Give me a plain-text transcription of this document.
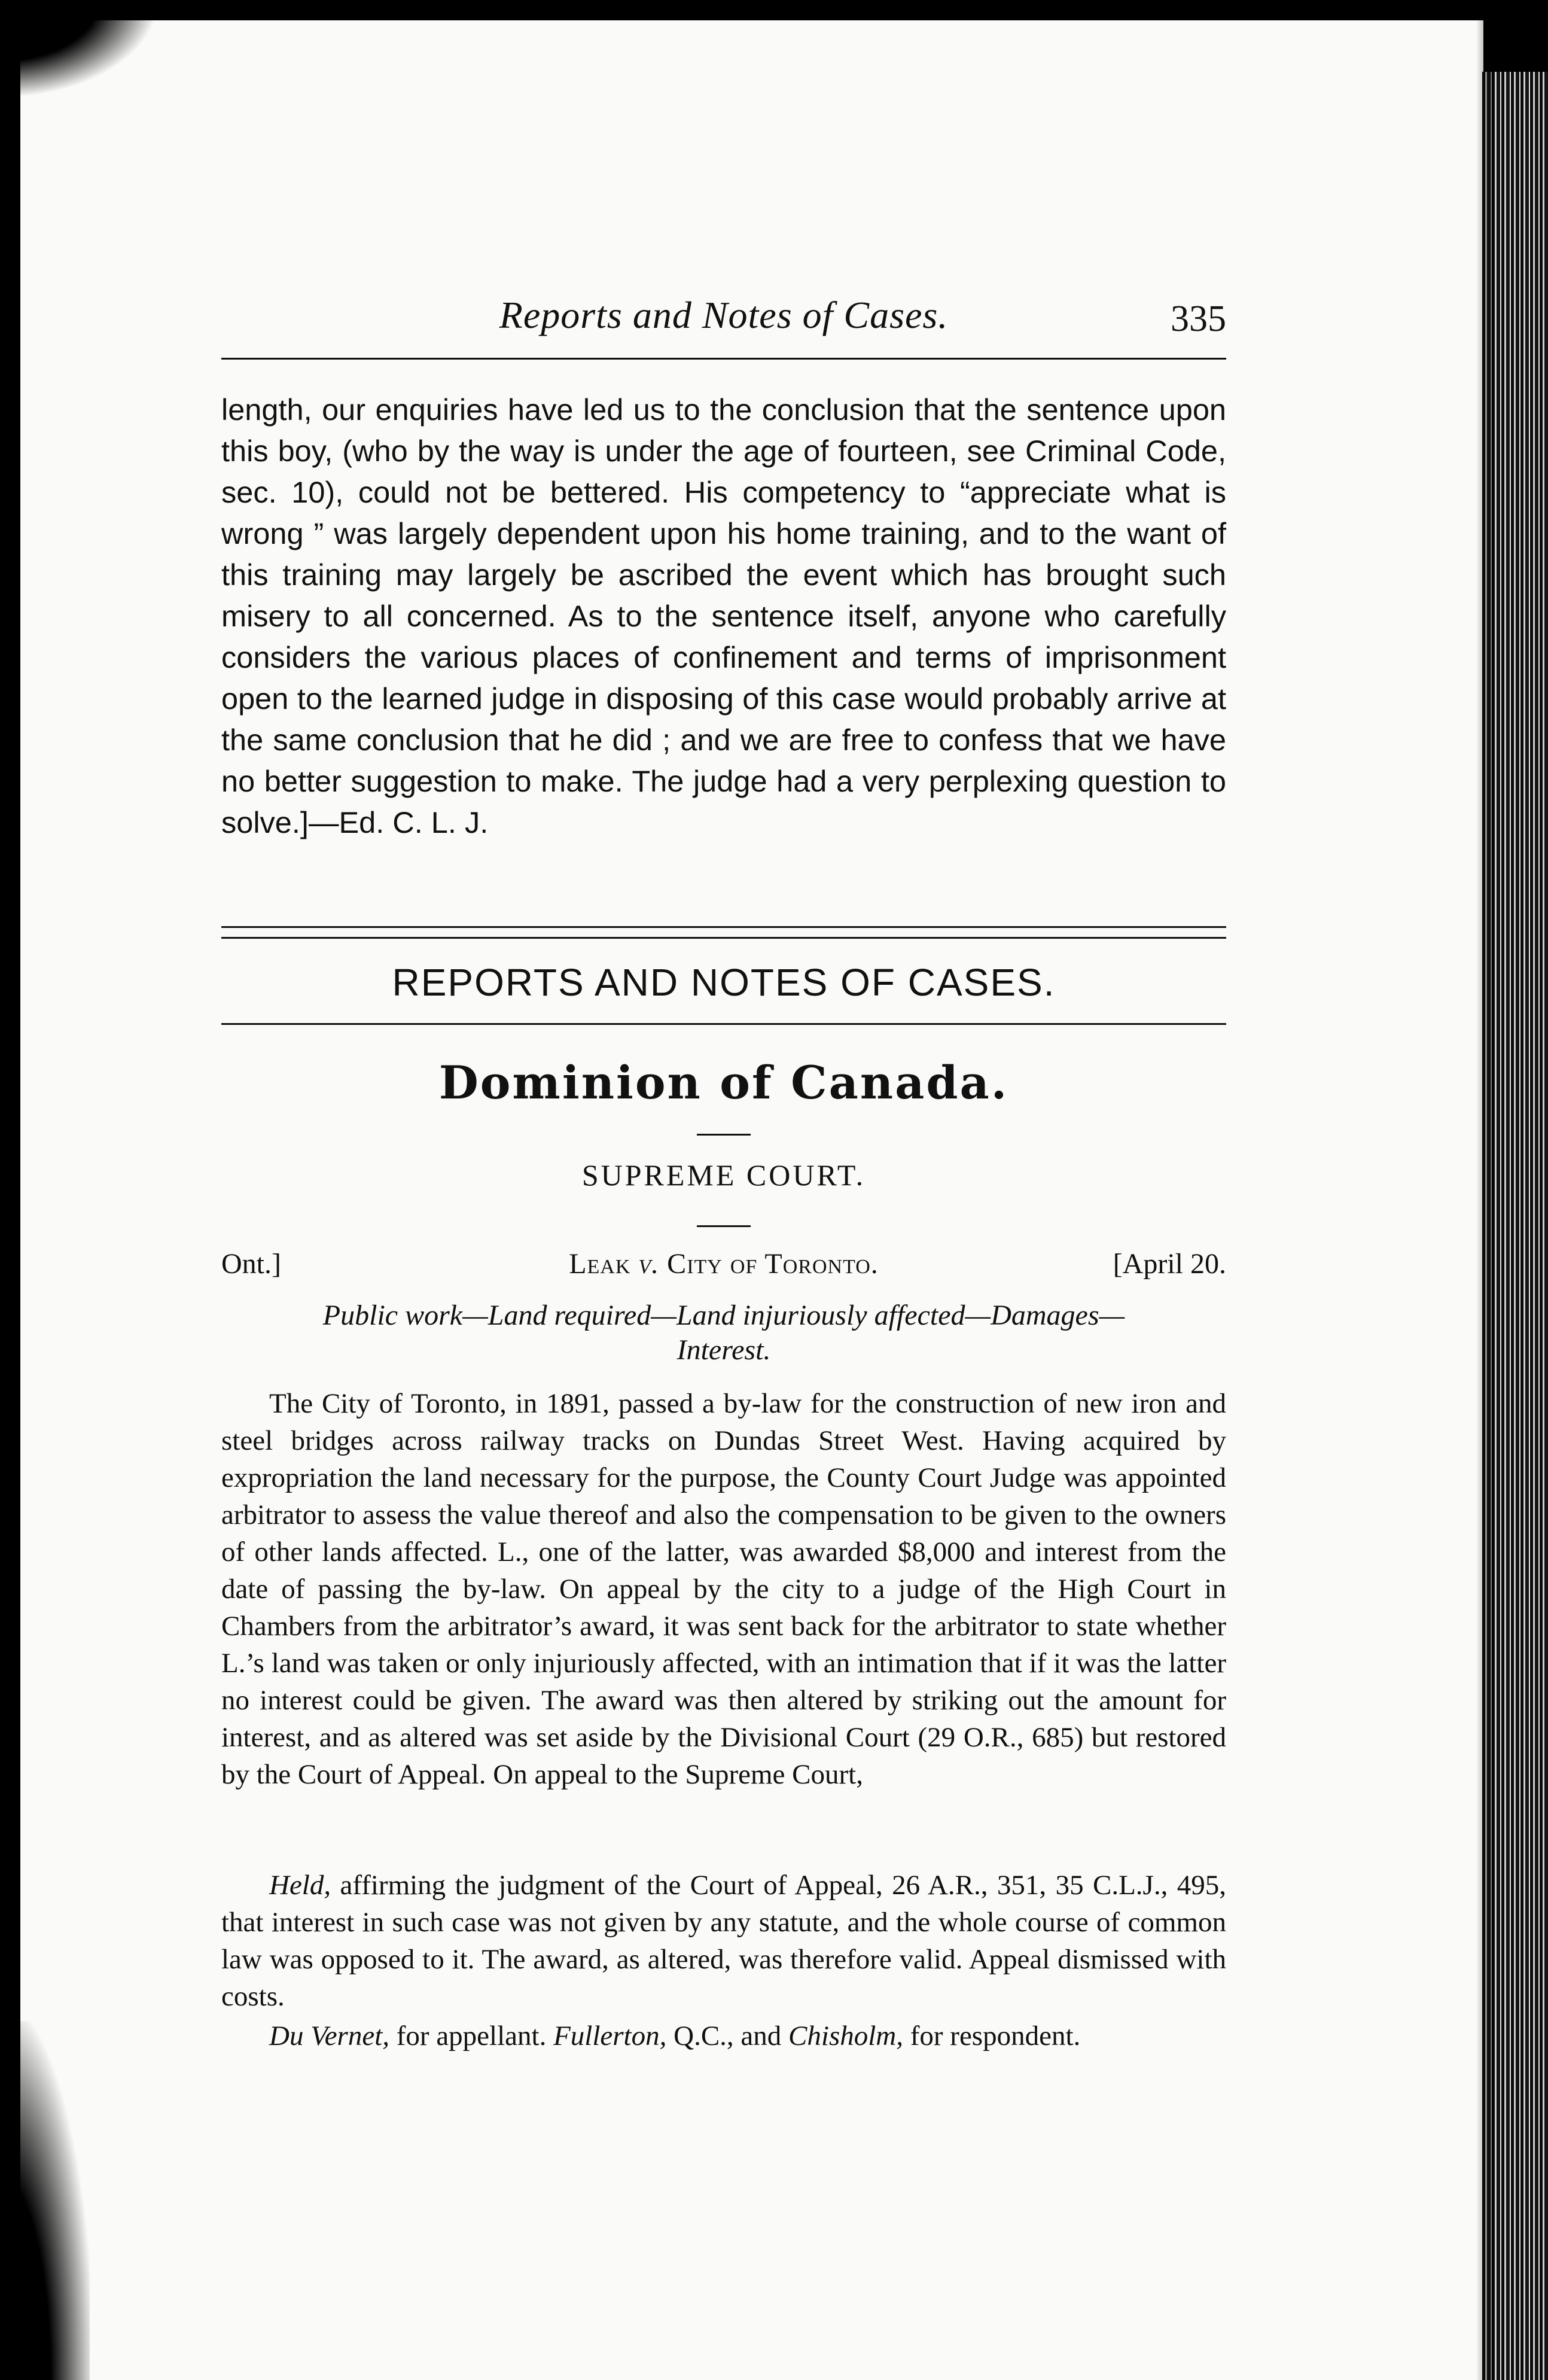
Reports and Notes of Cases.	335
length, our enquiries have led us to the conclusion that the sentence upon this boy, (who by the way is under the age of fourteen, see Criminal Code, sec. 10), could not be bettered. His competency to “appreciate what is wrong ” was largely dependent upon his home training, and to the want of this training may largely be ascribed the event which has brought such misery to all concerned. As to the sentence itself, anyone who carefully considers the various places of confinement and terms of imprisonment open to the learned judge in disposing of this case would probably arrive at the same conclusion that he did ; and we are free to confess that we have no better suggestion to make. The judge had a very perplexing question to solve.]—Ed. C. L. J.
REPORTS AND NOTES OF CASES.
Dominion of Canada.
SUPREME COURT.
Ont.]	Leak v. City of Toronto.	[April 20.
Public work—Land required—Land injuriously affected—Damages—
Interest.
The City of Toronto, in 1891, passed a by-law for the construction of new iron and steel bridges across railway tracks on Dundas Street West. Having acquired by expropriation the land necessary for the purpose, the County Court Judge was appointed arbitrator to assess the value thereof and also the compensation to be given to the owners of other lands affected. L., one of the latter, was awarded $8,000 and interest from the date of passing the by-law. On appeal by the city to a judge of the High Court in Chambers from the arbitrator’s award, it was sent back for the arbitrator to state whether L.’s land was taken or only injuriously affected, with an intimation that if it was the latter no interest could be given. The award was then altered by striking out the amount for interest, and as altered was set aside by the Divisional Court (29 O.R., 685) but restored by the Court of Appeal. On appeal to the Supreme Court,
Held, affirming the judgment of the Court of Appeal, 26 A.R., 351, 35 C.L.J., 495, that interest in such case was not given by any statute, and the whole course of common law was opposed to it. The award, as altered, was therefore valid. Appeal dismissed with costs.
Du Vernet, for appellant. Fullerton, Q.C., and Chisholm, for respondent.
